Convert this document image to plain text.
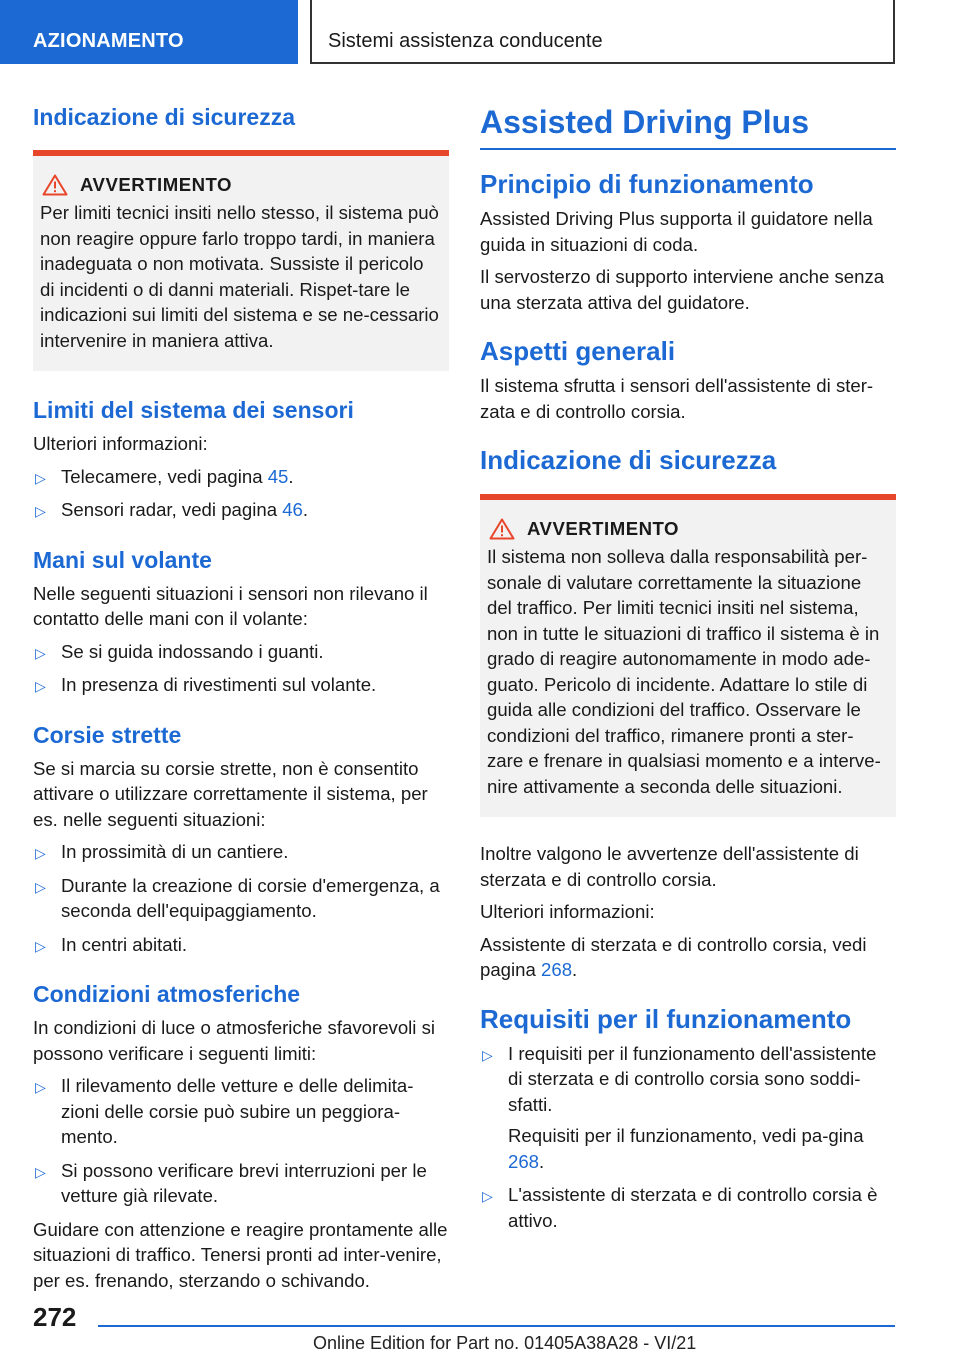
AZIONAMENTO	Sistemi assistenza conducente
Indicazione di sicurezza
AVVERTIMENTO

Per limiti tecnici insiti nello stesso, il sistema può non reagire oppure farlo troppo tardi, in maniera inadeguata o non motivata. Sussiste il pericolo di incidenti o di danni materiali. Rispet-tare le indicazioni sui limiti del sistema e se ne-cessario intervenire in maniera attiva.

Limiti del sistema dei sensori

Ulteriori informazioni:

▷ Telecamere, vedi pagina 45.
▷ Sensori radar, vedi pagina 46.
Mani sul volante

Nelle seguenti situazioni i sensori non rilevano il contatto delle mani con il volante:

▷ Se si guida indossando i guanti.
▷ In presenza di rivestimenti sul volante.
Corsie strette

Se si marcia su corsie strette, non è consentito attivare o utilizzare correttamente il sistema, per es. nelle seguenti situazioni:

▷ In prossimità di un cantiere.
▷ Durante la creazione di corsie d'emergenza, a seconda dell'equipaggiamento.
▷ In centri abitati.
Condizioni atmosferiche

In condizioni di luce o atmosferiche sfavorevoli si possono verificare i seguenti limiti:

▷ Il rilevamento delle vetture e delle delimita-zioni delle corsie può subire un peggiora-mento.
▷ Si possono verificare brevi interruzioni per le vetture già rilevate.

Guidare con attenzione e reagire prontamente alle situazioni di traffico. Tenersi pronti ad inter-venire, per es. frenando, sterzando o schivando.

Assisted Driving Plus
Principio di funzionamento

Assisted Driving Plus supporta il guidatore nella guida in situazioni di coda.

Il servosterzo di supporto interviene anche senza una sterzata attiva del guidatore.

Aspetti generali

Il sistema sfrutta i sensori dell'assistente di ster-zata e di controllo corsia.

Indicazione di sicurezza
AVVERTIMENTO

Il sistema non solleva dalla responsabilità per-sonale di valutare correttamente la situazione del traffico. Per limiti tecnici insiti nel sistema, non in tutte le situazioni di traffico il sistema è in grado di reagire autonomamente in modo ade-guato. Pericolo di incidente. Adattare lo stile di guida alle condizioni del traffico. Osservare le condizioni del traffico, rimanere pronti a ster-zare e frenare in qualsiasi momento e a interve-nire attivamente a seconda delle situazioni.

Inoltre valgono le avvertenze dell'assistente di sterzata e di controllo corsia.

Ulteriori informazioni:

Assistente di sterzata e di controllo corsia, vedi pagina 268.

Requisiti per il funzionamento
▷ I requisiti per il funzionamento dell'assistente di sterzata e di controllo corsia sono soddi-sfatti.

Requisiti per il funzionamento, vedi pa-gina 268.

▷ L'assistente di sterzata e di controllo corsia è attivo.
272
Online Edition for Part no. 01405A38A28 - VI/21
